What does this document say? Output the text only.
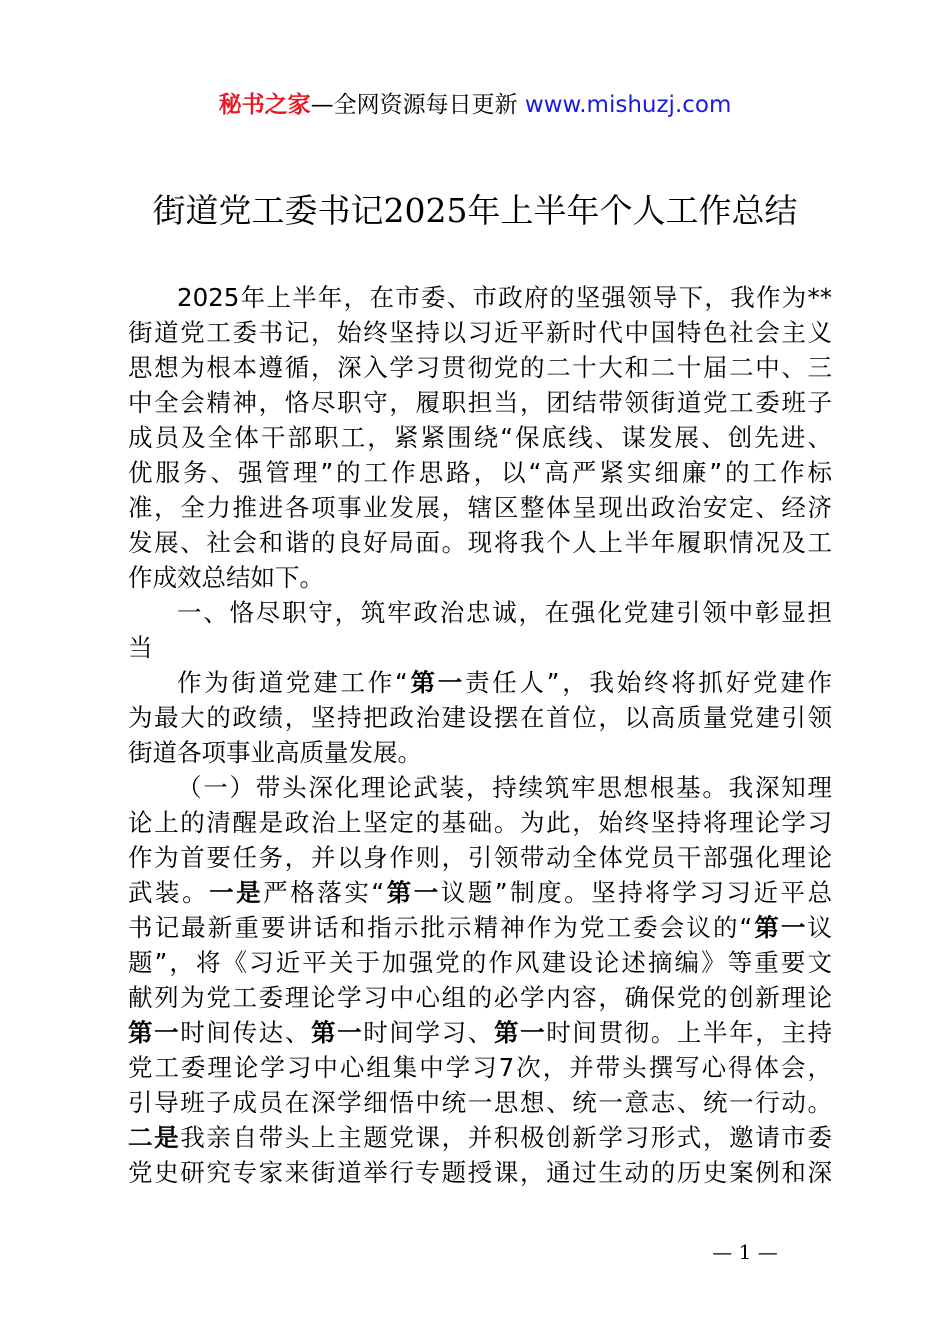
秘书之家—全网资源每日更新 www.mishuzj.com
街道党工委书记2025年上半年个人工作总结
2025年上半年，在市委、市政府的坚强领导下，我作为**
街道党工委书记，始终坚持以习近平新时代中国特色社会主义
思想为根本遵循，深入学习贯彻党的二十大和二十届二中、三
中全会精神，恪尽职守，履职担当，团结带领街道党工委班子
成员及全体干部职工，紧紧围绕“保底线、谋发展、创先进、
优服务、强管理”的工作思路，以“高严紧实细廉”的工作标
准，全力推进各项事业发展，辖区整体呈现出政治安定、经济
发展、社会和谐的良好局面。现将我个人上半年履职情况及工
作成效总结如下。
一、恪尽职守，筑牢政治忠诚，在强化党建引领中彰显担
当
作为街道党建工作“第一责任人”，我始终将抓好党建作
为最大的政绩，坚持把政治建设摆在首位，以高质量党建引领
街道各项事业高质量发展。
（一）带头深化理论武装，持续筑牢思想根基。我深知理
论上的清醒是政治上坚定的基础。为此，始终坚持将理论学习
作为首要任务，并以身作则，引领带动全体党员干部强化理论
武装。一是严格落实“第一议题”制度。坚持将学习习近平总
书记最新重要讲话和指示批示精神作为党工委会议的“第一议
题”，将《习近平关于加强党的作风建设论述摘编》等重要文
献列为党工委理论学习中心组的必学内容，确保党的创新理论
第一时间传达、第一时间学习、第一时间贯彻。上半年，主持
党工委理论学习中心组集中学习7次，并带头撰写心得体会，
引导班子成员在深学细悟中统一思想、统一意志、统一行动。
二是我亲自带头上主题党课，并积极创新学习形式，邀请市委
党史研究专家来街道举行专题授课，通过生动的历史案例和深
— 1 —
